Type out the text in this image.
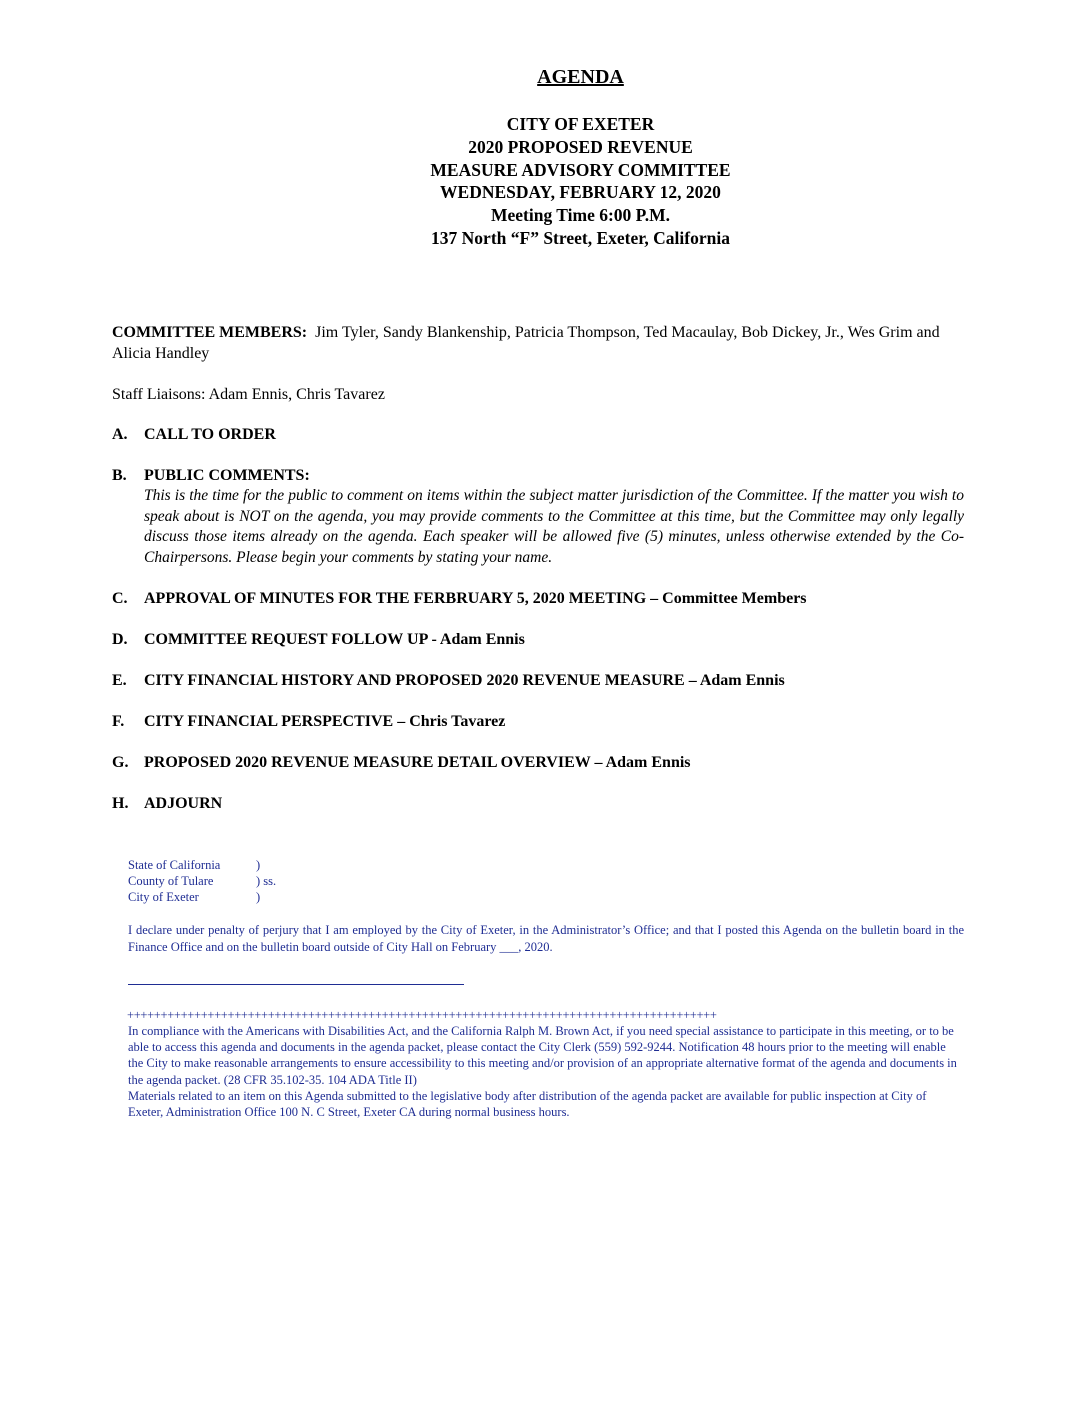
AGENDA
CITY OF EXETER
2020 PROPOSED REVENUE
MEASURE ADVISORY COMMITTEE
WEDNESDAY, FEBRUARY 12, 2020
Meeting Time 6:00 P.M.
137 North “F” Street, Exeter, California
COMMITTEE MEMBERS: Jim Tyler, Sandy Blankenship, Patricia Thompson, Ted Macaulay, Bob Dickey, Jr., Wes Grim and Alicia Handley
Staff Liaisons: Adam Ennis, Chris Tavarez
A. CALL TO ORDER
B. PUBLIC COMMENTS:
This is the time for the public to comment on items within the subject matter jurisdiction of the Committee. If the matter you wish to speak about is NOT on the agenda, you may provide comments to the Committee at this time, but the Committee may only legally discuss those items already on the agenda. Each speaker will be allowed five (5) minutes, unless otherwise extended by the Co-Chairpersons. Please begin your comments by stating your name.
C. APPROVAL OF MINUTES FOR THE FERBRUARY 5, 2020 MEETING – Committee Members
D. COMMITTEE REQUEST FOLLOW UP - Adam Ennis
E. CITY FINANCIAL HISTORY AND PROPOSED 2020 REVENUE MEASURE – Adam Ennis
F. CITY FINANCIAL PERSPECTIVE – Chris Tavarez
G. PROPOSED 2020 REVENUE MEASURE DETAIL OVERVIEW – Adam Ennis
H. ADJOURN
State of California	)
County of Tulare	) ss.
City of Exeter	)
I declare under penalty of perjury that I am employed by the City of Exeter, in the Administrator’s Office; and that I posted this Agenda on the bulletin board in the Finance Office and on the bulletin board outside of City Hall on February ___, 2020.
++++++++++++++++++++++++++++++++++++++++++++++++++++++++++++++++++++++++++++++++++++++++
In compliance with the Americans with Disabilities Act, and the California Ralph M. Brown Act, if you need special assistance to participate in this meeting, or to be able to access this agenda and documents in the agenda packet, please contact the City Clerk (559) 592-9244. Notification 48 hours prior to the meeting will enable the City to make reasonable arrangements to ensure accessibility to this meeting and/or provision of an appropriate alternative format of the agenda and documents in the agenda packet. (28 CFR 35.102-35. 104 ADA Title II)
Materials related to an item on this Agenda submitted to the legislative body after distribution of the agenda packet are available for public inspection at City of Exeter, Administration Office 100 N. C Street, Exeter CA during normal business hours.
